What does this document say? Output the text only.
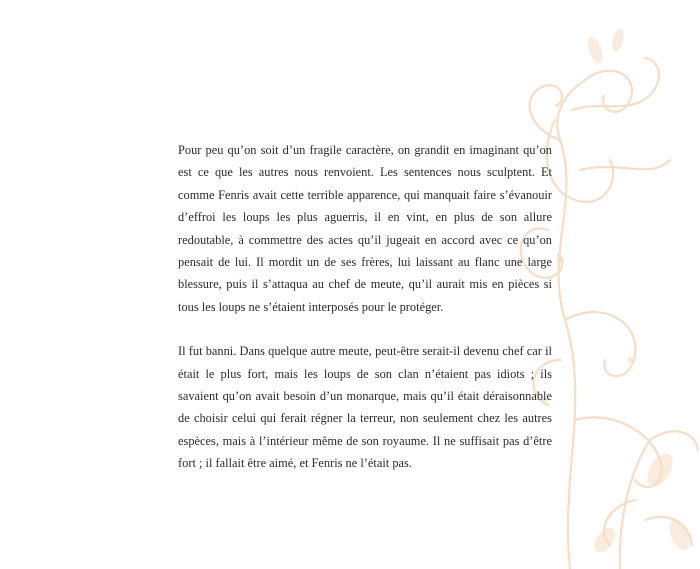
Pour peu qu’on soit d’un fragile caractère, on grandit en imaginant qu’on est ce que les autres nous renvoient. Les sentences nous sculptent. Et comme Fenris avait cette terrible apparence, qui manquait faire s’évanouir d’effroi les loups les plus aguerris, il en vint, en plus de son allure redoutable, à commettre des actes qu’il jugeait en accord avec ce qu’on pensait de lui. Il mordit un de ses frères, lui laissant au flanc une large blessure, puis il s’attaqua au chef de meute, qu’il aurait mis en pièces si tous les loups ne s’étaient interposés pour le protéger.

Il fut banni. Dans quelque autre meute, peut-être serait-il devenu chef car il était le plus fort, mais les loups de son clan n’étaient pas idiots ; ils savaient qu’on avait besoin d’un monarque, mais qu’il était déraisonnable de choisir celui qui ferait régner la terreur, non seulement chez les autres espèces, mais à l’intérieur même de son royaume. Il ne suffisait pas d’être fort ; il fallait être aimé, et Fenris ne l’était pas.
